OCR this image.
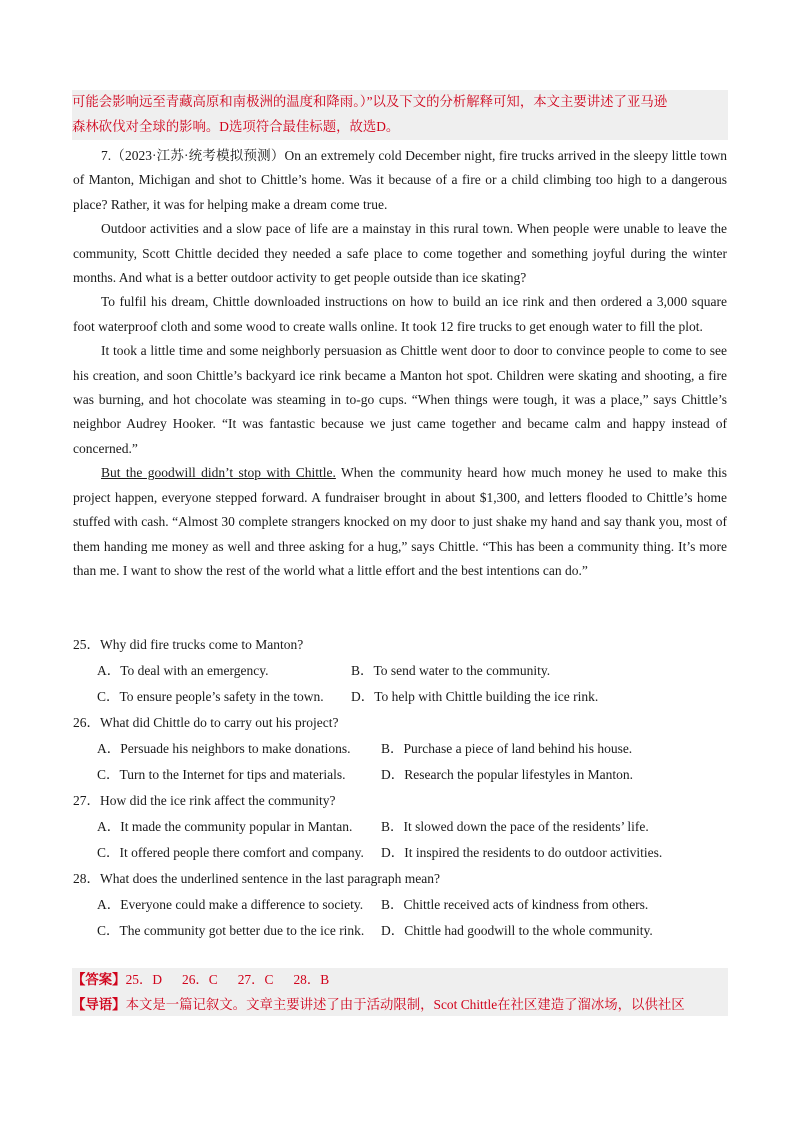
可能会影响远至青藏高原和南极洲的温度和降雨。）”以及下文的分析解释可知，本文主要讲述了亚马逊
森林砍伐对全球的影响。D选项符合最佳标题，故选D。

7.（2023·江苏·统考模拟预测）On an extremely cold December night, fire trucks arrived in the sleepy little town of Manton, Michigan and shot to Chittle’s home. Was it because of a fire or a child climbing too high to a dangerous place? Rather, it was for helping make a dream come true.

Outdoor activities and a slow pace of life are a mainstay in this rural town. When people were unable to leave the community, Scott Chittle decided they needed a safe place to come together and something joyful during the winter months. And what is a better outdoor activity to get people outside than ice skating?

To fulfil his dream, Chittle downloaded instructions on how to build an ice rink and then ordered a 3,000 square foot waterproof cloth and some wood to create walls online. It took 12 fire trucks to get enough water to fill the plot.

It took a little time and some neighborly persuasion as Chittle went door to door to convince people to come to see his creation, and soon Chittle’s backyard ice rink became a Manton hot spot. Children were skating and shooting, a fire was burning, and hot chocolate was steaming in to-go cups. “When things were tough, it was a place,” says Chittle’s neighbor Audrey Hooker. “It was fantastic because we just came together and became calm and happy instead of concerned.”

But the goodwill didn’t stop with Chittle. When the community heard how much money he used to make this project happen, everyone stepped forward. A fundraiser brought in about $1,300, and letters flooded to Chittle’s home stuffed with cash. “Almost 30 complete strangers knocked on my door to just shake my hand and say thank you, most of them handing me money as well and three asking for a hug,” says Chittle. “This has been a community thing. It’s more than me. I want to show the rest of the world what a little effort and the best intentions can do.”

25．Why did fire trucks come to Manton?
A．To deal with an emergency.	B．To send water to the community.
C．To ensure people’s safety in the town. D．To help with Chittle building the ice rink.
26．What did Chittle do to carry out his project?
A．Persuade his neighbors to make donations. B．Purchase a piece of land behind his house.
C．Turn to the Internet for tips and materials.	D．Research the popular lifestyles in Manton.
27．How did the ice rink affect the community?
A．It made the community popular in Mantan. B．It slowed down the pace of the residents’ life.
C．It offered people there comfort and company. D．It inspired the residents to do outdoor activities.
28．What does the underlined sentence in the last paragraph mean?
A．Everyone could make a difference to society. B．Chittle received acts of kindness from others.
C．The community got better due to the ice rink. D．Chittle had goodwill to the whole community.
【答案】25．D 26．C 27．C 28．B
【导语】本文是一篇记叙文。文章主要讲述了由于活动限制，Scot Chittle在社区建造了溜冰场，以供社区
